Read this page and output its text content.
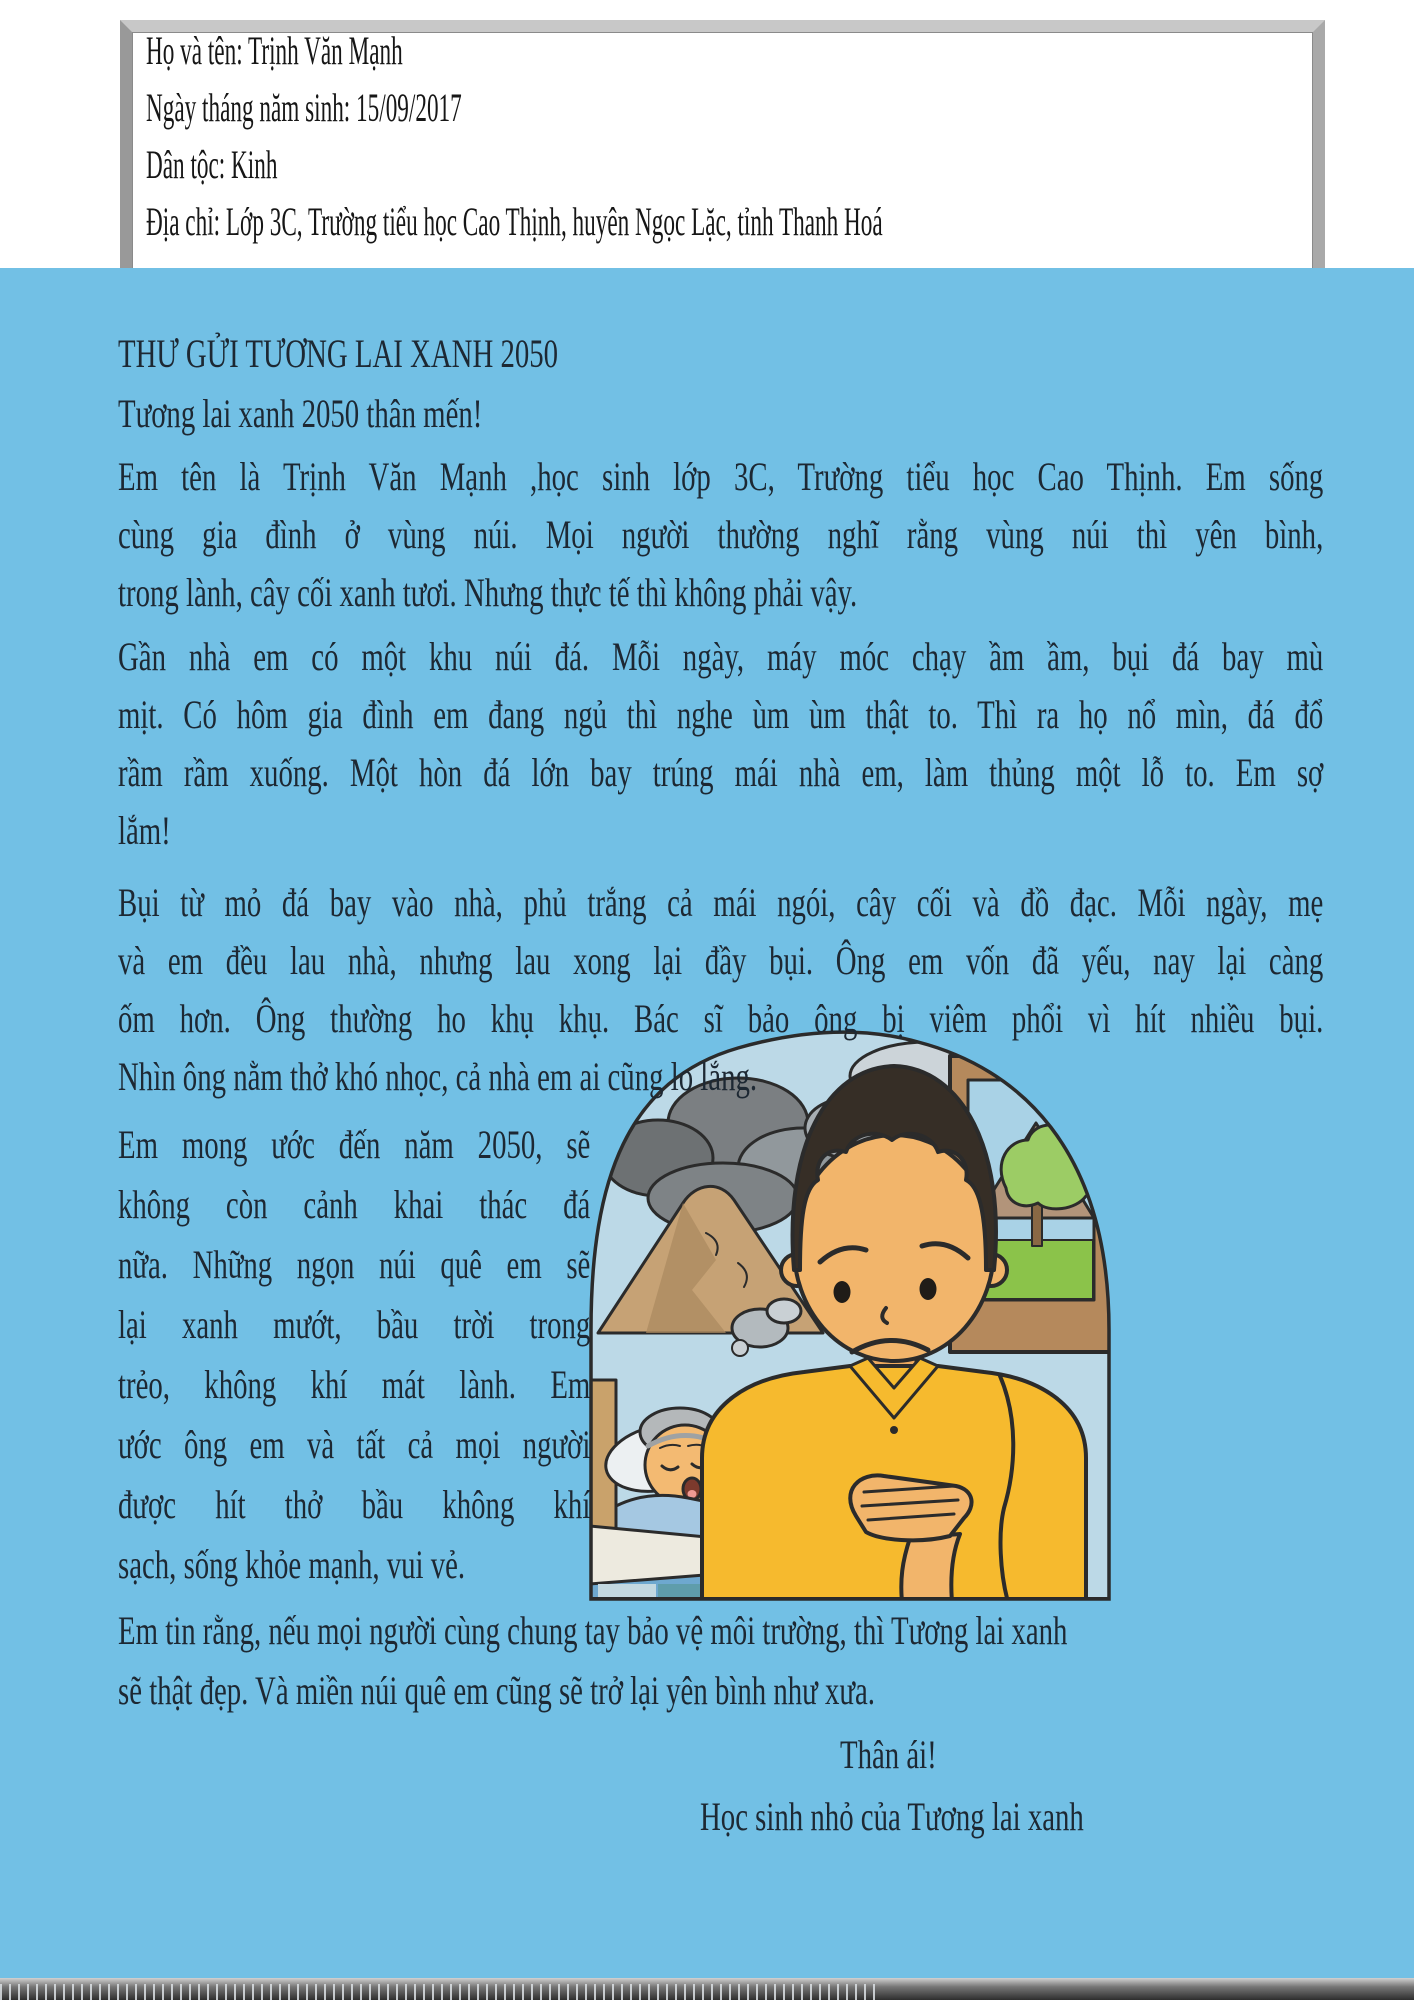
Họ và tên: Trịnh Văn Mạnh
Ngày tháng năm sinh: 15/09/2017
Dân tộc: Kinh
Địa chỉ: Lớp 3C, Trường tiểu học Cao Thịnh, huyên Ngọc Lặc, tỉnh Thanh Hoá
THƯ GỬI TƯƠNG LAI XANH 2050
Tương lai xanh 2050 thân mến!
Em tên là Trịnh Văn Mạnh ,học sinh lớp 3C, Trường tiểu học Cao Thịnh. Em sống
cùng gia đình ở vùng núi. Mọi người thường nghĩ rằng vùng núi thì yên bình,
trong lành, cây cối xanh tươi. Nhưng thực tế thì không phải vậy.
Gần nhà em có một khu núi đá. Mỗi ngày, máy móc chạy ầm ầm, bụi đá bay mù
mịt. Có hôm gia đình em đang ngủ thì nghe ùm ùm thật to. Thì ra họ nổ mìn, đá đổ
rầm rầm xuống. Một hòn đá lớn bay trúng mái nhà em, làm thủng một lỗ to. Em sợ
lắm!
Bụi từ mỏ đá bay vào nhà, phủ trắng cả mái ngói, cây cối và đồ đạc. Mỗi ngày, mẹ
và em đều lau nhà, nhưng lau xong lại đầy bụi. Ông em vốn đã yếu, nay lại càng
ốm hơn. Ông thường ho khụ khụ. Bác sĩ bảo ông bị viêm phổi vì hít nhiều bụi.
Nhìn ông nằm thở khó nhọc, cả nhà em ai cũng lo lắng.
Em mong ước đến năm 2050, sẽ
không còn cảnh khai thác đá
nữa. Những ngọn núi quê em sẽ
lại xanh mướt, bầu trời trong
trẻo, không khí mát lành. Em
ước ông em và tất cả mọi người
được hít thở bầu không khí
sạch, sống khỏe mạnh, vui vẻ.
Em tin rằng, nếu mọi người cùng chung tay bảo vệ môi trường, thì Tương lai xanh
sẽ thật đẹp. Và miền núi quê em cũng sẽ trở lại yên bình như xưa.
Thân ái!
Học sinh nhỏ của Tương lai xanh
